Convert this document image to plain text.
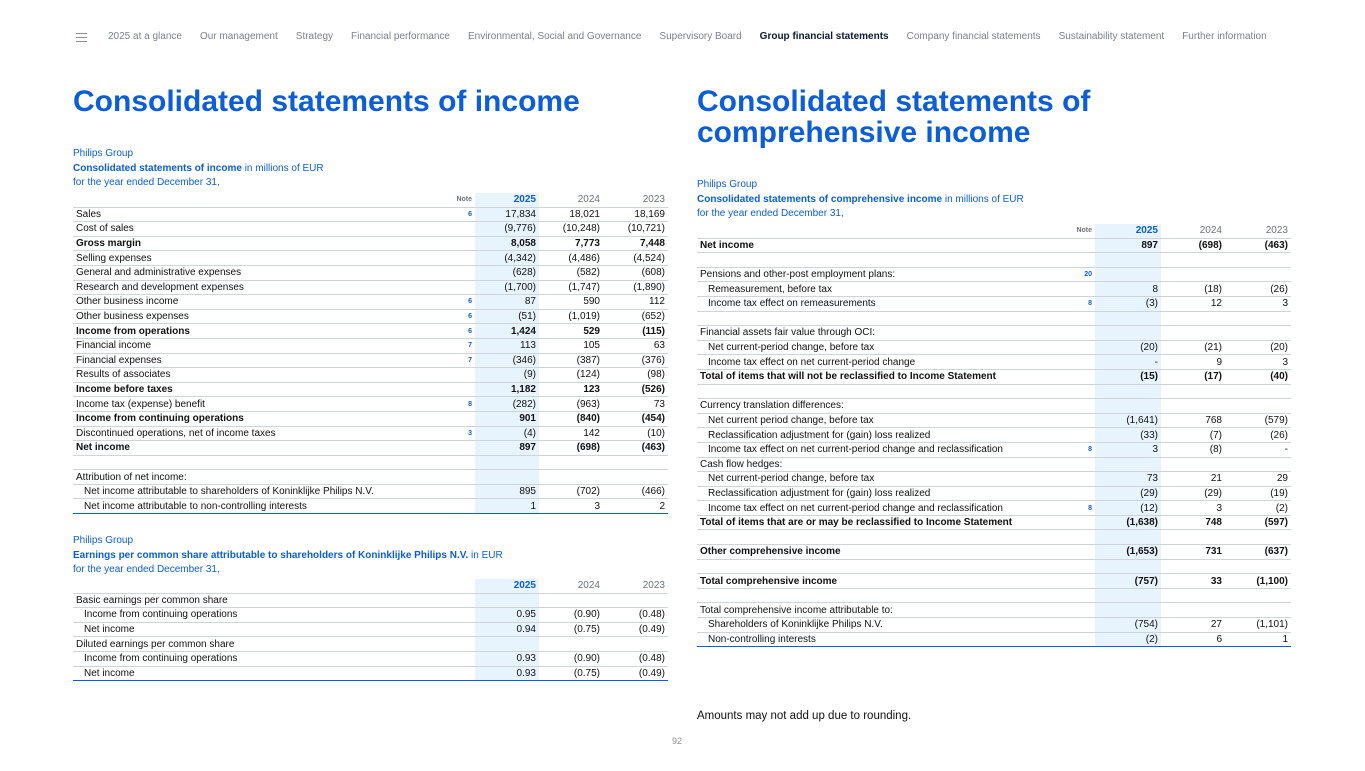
2025 at a glance Our management Strategy Financial performance Environmental, Social and Governance Supervisory Board Group financial statements Company financial statements Sustainability statement Further information
Consolidated statements of income
Philips Group
Consolidated statements of income in millions of EUR
for the year ended December 31,
	Note	2025	2024	2023
Sales	6	17,834	18,021	18,169
Cost of sales		(9,776)	(10,248)	(10,721)
Gross margin		8,058	7,773	7,448
Selling expenses		(4,342)	(4,486)	(4,524)
General and administrative expenses		(628)	(582)	(608)
Research and development expenses		(1,700)	(1,747)	(1,890)
Other business income	6	87	590	112
Other business expenses	6	(51)	(1,019)	(652)
Income from operations	6	1,424	529	(115)
Financial income	7	113	105	63
Financial expenses	7	(346)	(387)	(376)
Results of associates		(9)	(124)	(98)
Income before taxes		1,182	123	(526)
Income tax (expense) benefit	8	(282)	(963)	73
Income from continuing operations		901	(840)	(454)
Discontinued operations, net of income taxes	3	(4)	142	(10)
Net income		897	(698)	(463)

Attribution of net income:				
Net income attributable to shareholders of Koninklijke Philips N.V.		895	(702)	(466)
Net income attributable to non-controlling interests		1	3	2
Philips Group
Earnings per common share attributable to shareholders of Koninklijke Philips N.V. in EUR
for the year ended December 31,
	2025	2024	2023
Basic earnings per common share			
Income from continuing operations	0.95	(0.90)	(0.48)
Net income	0.94	(0.75)	(0.49)
Diluted earnings per common share			
Income from continuing operations	0.93	(0.90)	(0.48)
Net income	0.93	(0.75)	(0.49)
Consolidated statements of
comprehensive income
Philips Group
Consolidated statements of comprehensive income in millions of EUR
for the year ended December 31,
	Note	2025	2024	2023
Net income		897	(698)	(463)

Pensions and other-post employment plans:	20			
Remeasurement, before tax		8	(18)	(26)
Income tax effect on remeasurements	8	(3)	12	3

Financial assets fair value through OCI:				
Net current-period change, before tax		(20)	(21)	(20)
Income tax effect on net current-period change		-	9	3
Total of items that will not be reclassified to Income Statement		(15)	(17)	(40)

Currency translation differences:				
Net current period change, before tax		(1,641)	768	(579)
Reclassification adjustment for (gain) loss realized		(33)	(7)	(26)
Income tax effect on net current-period change and reclassification	8	3	(8)	-
Cash flow hedges:				
Net current-period change, before tax		73	21	29
Reclassification adjustment for (gain) loss realized		(29)	(29)	(19)
Income tax effect on net current-period change and reclassification	8	(12)	3	(2)
Total of items that are or may be reclassified to Income Statement		(1,638)	748	(597)

Other comprehensive income		(1,653)	731	(637)

Total comprehensive income		(757)	33	(1,100)

Total comprehensive income attributable to:				
Shareholders of Koninklijke Philips N.V.		(754)	27	(1,101)
Non-controlling interests		(2)	6	1
Amounts may not add up due to rounding.
92
